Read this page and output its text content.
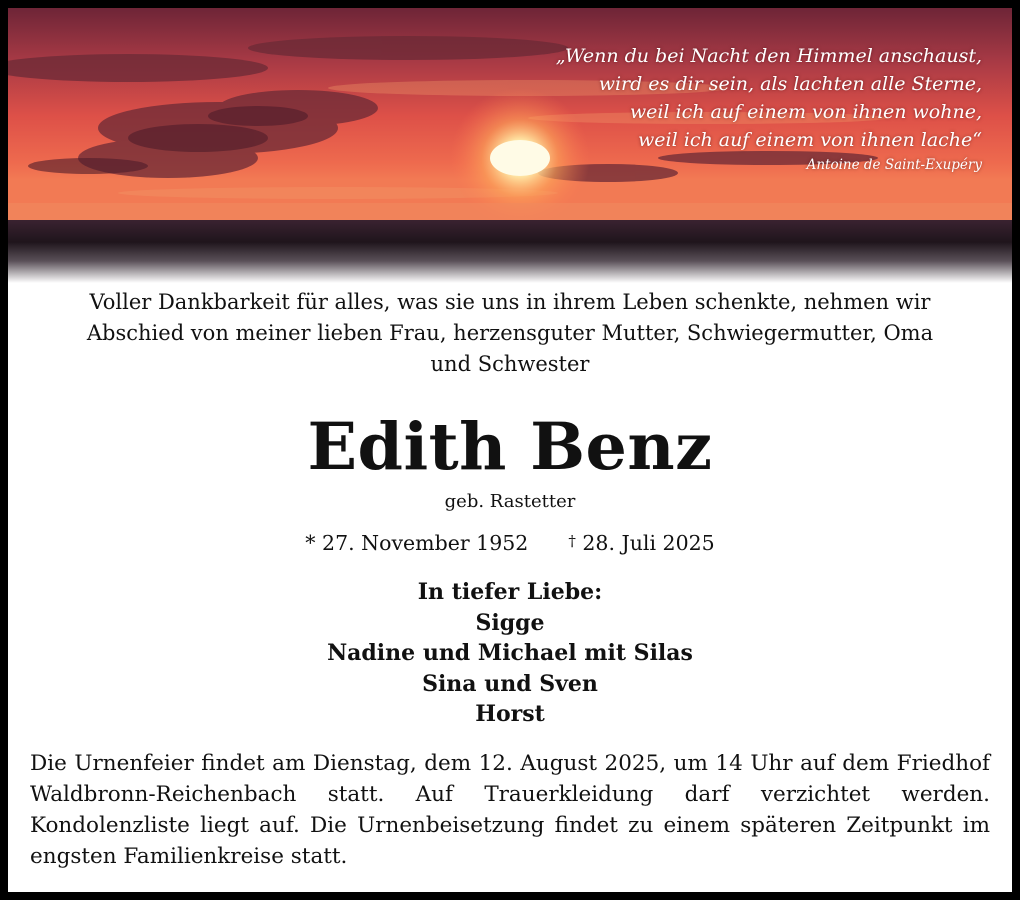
„Wenn du bei Nacht den Himmel anschaust,
wird es dir sein, als lachten alle Sterne,
weil ich auf einem von ihnen wohne,
weil ich auf einem von ihnen lache“
Antoine de Saint-Exupéry
Voller Dankbarkeit für alles, was sie uns in ihrem Leben schenkte, nehmen wir
Abschied von meiner lieben Frau, herzensguter Mutter, Schwiegermutter, Oma
und Schwester
Edith Benz
geb. Rastetter
* 27. November 1952	† 28. Juli 2025
In tiefer Liebe:
Sigge
Nadine und Michael mit Silas
Sina und Sven
Horst
Die Urnenfeier findet am Dienstag, dem 12. August 2025, um 14 Uhr auf dem Friedhof Waldbronn-Reichenbach statt. Auf Trauerkleidung darf verzichtet werden. Kondolenzliste liegt auf. Die Urnenbeisetzung findet zu einem späteren Zeitpunkt im engsten Familienkreise statt.
